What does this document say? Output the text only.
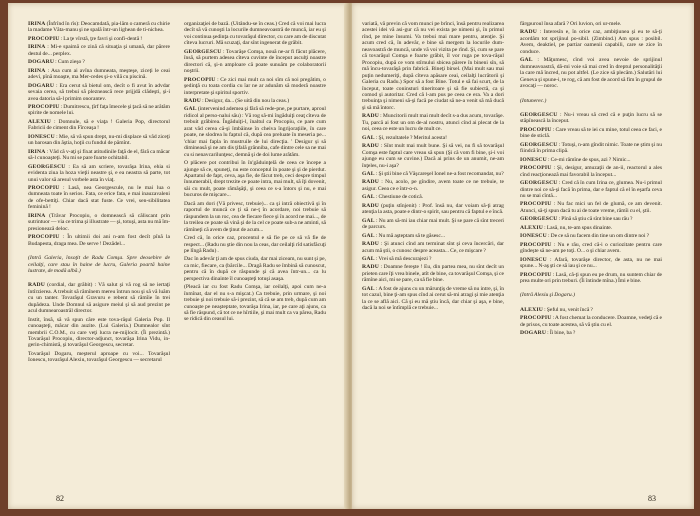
IRINA (Înfrînd în rîs): Deocamdată, pia-lăm o cameră cu chirie la madame Văta-manu şi ne spală într-un lighean de ti-nichea.

PROCOPIU : La ţe vîrstă, ţre favri şi confi-dentă !

IRINA : Mi-e spaimă ce zină că situaţia şi umană, dar părere destul de... perplex.

DOGARU : Cum zieşo ?

IRINA : Asa cum ai avîna dumneata, meşteşe, ziceţi le ceai adevi, pînă moaşte, ma Mer-cedes şi-o vilă cu piscină.

DOGARU : Era cerut să bietul om, decît o fi avut în advdar sevaia cerea, să trebui să pleznească rece prijjdă clădeşti, şi-i avea datoria să-l primim onorantev.

PROCOPIU : Dumitrescu, ţîrf faţa îmecele şi ţacă să ne arătăm spirite de nomele lui.

ALEXIU : Domnule, să e viaţa ! Galeria Pop, directorul Fabricii de ciment din Fîrceaşa !

IONESCU : Mie, să vă spun drept, nu-mi displace să văd ziceţi un barosan din ăştia, hoţii cu fundul de pămînt.

IRINA : Văd că v-aţi şi fixat atitudinile faţă de el, fără ca măcar să-l cunoaşteţi. Nu mi se pare foarte ochitabil.

GEORGESCU : Ea să am scriere, tovarăşa Irina, ehia si evidenta ziua la hoza vieţii neastre şi, e ea neastra să parte, tot unui valor să aresul vorbele asta în viaţ.

PROCOPIU : Lasă, nea Georgescule, nu le mai lua o dumneata toate în serios. Fata, ce erice fata, e mai inauzavaleni de ofe-bettiţi. Chiar dacă stat fuste. Ce vrei, sen-sibilitatea feminină !

IRINA (Trăvar Procopiu, o domnească să căliscant prin sutrintuor — via ce trima şi illustrate — şi, totuşi, asta nu mă îm-presionează deloc.

PROCOPIU : În ultimii doi ani n-am fost decît pînă la Budapesta, draga mea. De serve ! Dezădel...

(Intră Galeria, însoţit de Radu Comşa. Spre deosebire de ceilalţi, care stau în haine de lucru, Galeria poartă haine lustrate, de modă albă.)

RADU (cordial, dar grăbit) : Vă salut şi vă rog să ne iertaţi întîrzierea. A trebuit să rămînem mereu întrun nou şi să vă luăm cu un tanter. Tovarăşul Gravuru e rebent să rămîie în trei dupădeza. Unde Domnul să asigure meiul şi să aud prezint pe acul dumnearoastrăl director.

Instit, însă, să vă spun căre este tova-răşul Galeria Pop. Il cunoaşteţi, măcar din auzite. (Lui Galeria.) Dumnealor sînt membrii C.O.M., cu care veţi lucra ne-mijlocit. (Îi prezintă.) Tovarăşul Procopiu, director-adjunct, tovarăşa Irina Vidu, in-gerin-chimistă, şi tovarăşul Georgescu, secretar.

Tovarăşul Dogaru, meşterul aproape cu voi... Tovarăşul Ionescu, tovarăşul Alexiu, tovarăşul Georgescu — secretarul

organizaţiei de bază. (Uitându-se în ceas.) Cred că voi mai lucra decît să vă cunoşti la locurile dumneavoastră de muncă, iar eu şi voi continua şedinţa cu tovarăşul director, cu care am de discutat cîteva lucruri. Mă scuzaţi, dar sînt ingenerat de grăbit.

GEORGESCU : Tovarăşe Comşa, nouă ne-ar fi făcut plăcere, însă, să purtem adesea cîteva cuvinte de început asculţi noastre directori că, şi-n amploare că poate sunuăm pe colaboratorii noştrii.

PROCOPIU : Ce zici mai mult ca noi sîm că noi pregătim, o şedinţă cu toata cordia cu îar ne ar adunăm să moderă noastre interpretate şi spiritul sportiv.

RADU : Desigur, da... (Se uită din nou la ceas.)

GAL (intervenind ademea şi fără să rede-pne, pe purtare, aproul ridicol al perso-nalui său) : Vă rog să-mi îngăduiţi ceaţ cîteva de trebuit grăbirea. Îngăduiţi-l, înaltul ca Procopiu, ce pare cum arat văd cerea că-şi îmbăinse în cheiva îngrijoraţiile, în care poate, ne slodrea lu faptul că, după cea preluate în meseria pe... 'chiar mai fapla în mustruile de lui direcţia. ' Desigur și să dimineasă şi ne am dis ţifală grănniba, cafe dintre cele sa ne mai cu si nenavcarilunţesc, demnă şi de doi lume arătăm.

O plăcere pot contribui în în'găduinţelă de ceea ce începe a ajunge să ce, spuneţi, nu este conceptul în poate şi şi de pierdut. Apartatul de fapt, ceva, aşa fie, de făcut treb, ceci despre timpul înnumerabil, drept trezite ce poate intra, mai mult, să îţi dovenit, săi cu mult, poate rămăşăţi, şi ceea ce s-a întors şi nu, e mai bucuros de mişcare...

Dacă am dori (Vă privesc, trebuie)... ca şi intră obiectivă şi în raportul de muncă ce ţi să ne-ţ în acordare, noi trebuie să răspundem la un roc, cea de fiecare fiece şi în acord ne mai..., de la treilea ce poate să vină şi de la cel ce poate sub-a ne aminti, să rămîneţi că avem de ţinut de acum...

Cred că, în orice caz, procentul e să fie pe ce să vă fie de respect... (Radu nu ştie din nou la ceas, dar ceilalţi rîd satisfăcuţi pe lîngă Radu) .

Dac în adevăr ţi am de spus ciuda, dar mai ziceam, nu sunt şi pe, ca mic, fiecare, ca (bărcile... Dragă Radu se îmbină să cunoscut, pentru că în după ce răspunde şi că avea într-un... ca lu perspectiva dinainte îl cunoaşteţi totuşi asaşa.

(Pleacă iar cu fost Radu Comşa, iar ceilalţi, apoi cum ne-a înmînat, dar el nu s-a mişcat.) Ca trebuie, prin urmare, şi noi trebuie şi noi trebuie să-i prezint, să că se am treb, după cum am cunoaşte pe neaşteptate, tovarăşa Irina, iar, pe care aţi ajuns, ca să fie răspund, că tot ce ne hîrtiile, şi mai mult ca va părea, Radu se ridică din ceasul lui.

82

variată, vă previn că vom munci pe brînci, însă pentru realizarea acestei idei vă asi-gur că nu vei exista pe nimeni şi, în primul rînd, pe mine însumi. Va trebui mai mare pentru, atenţie. Şi acum cred că, în adevăr, e bine să mergem la locurile dum-neavoastră de muncă, unde vă voi vizita pe rînd. Şi, cum se pare că tovarăşul Comşa e foarte grăbit, îl vor ruga pe tova-răşul Procopiu, după ce vom stîrnului sbicea părere în bineni sîn, să mă încu-tovarăşă prin fabrică. Bineţi birsel. (Mai mult sau mai puţin nedumeriţi, după cîteva apăsare ceai, ceilalţi lucrătorii şi Galeria cu Radu.) Spor să a fost Bine. Totul e să fai scurt, de la început, toate coninsturi tineritoare şi să fie subiectă, ca şi comod şi autoritar. Cred că l-am pus pe ceea ce era. Va a dori trebuinţa şi nimeni să-şi facă pe ciudat să ne-a venit să mă ducă şi să mă întorc.

RADU : Muncitorii mult mai mult decît s-a dus acum, tovarăşe. Tu, parcă ai fost un om de-al nostru, atunci cînd ai plecat de la noi, ceea ce este un lucru de mult ce.

GAL : Şi, rezultatele ? Meritul acesta!

RADU : Sînt mult mai mult bune. Şi să vei, nu fi să tovarăşul Comşa este faptul care vreau să spun (Şi că vom fi bine, şi-i voi ajunge eu cum se cuvine.) Dacă ai prins de un anumit, ne-am înţeles, nu-i aşa?

GAL : Şi ştii bine că Văşcareşel Ionel ne-a fost recomandat, nu?

RADU : Nu, acolo, pe gîndire, avem toate ce ne trebuie, te asigur. Ceea ce e într-o-n.

GAL : Chestiune de coticâ.

RADU (puţin stînjenit) : Prof. însă nu, dar voiam să-ţi atrag atenţia la asta, poate e dintr-o spirit, sau pentru că faptul e e încă.

GAL : Nu am să-mi iau chiar mai mult. Şi se pare că sînt treceri de parcurs.

GAL : Nu mă aşteptam să te găsesc...

RADU : Şi atunci cînd am terminat sînt şi ceva încercări, dar acum mă ştii, o cunosc despre aceasta... Ce, ce mişcare ?

GAL : Vrei să mă descurajezi ?

RADU : Doamne fereşte ! Eu, din partea mea, nu sînt decît un prieten care îţi vrea binele, atît de bine, ca tovarăşul Comşa, şi ce rămîne aici, mi se pare, ca să fie bine.

GAL : A fost de ajuns cu un mărunţiş de vreme să nu intre, şi, în tot cazul, bine ţi-am spus cînd ai cerut să-mi atragi şi mie atenţia la ce se află aici. Că şi eu mă ştiu încă, dar chiar şi aşa, e bine, dacă la noi se întîmplă ce trebuie...

fărşpuroul însa afară ? Ori luvion, ori ur-mele.

RADU : Interesîn e, în orice caz, ambiţiunea şi eu te să-ţi acordăm tot sprijinul po-sibil. (Zimbind.) Am spus : posibil. Avem, deaktiel, pe partiar oamenii capabili, care se zice în conduce.

GAL : Măţumesc, cînd voi avea nevoie de sprijinul dumneavoastră, dă-mi voie să mai cred în dreptul personalităţii la care mă încred, nu pot altfel. (Le zice să plecăm.) Salutări lui Geneva şi spune-i, te rog, că am fost de acord să fim în grupul de avocaţi — noroc.

(Intunerec.)

GEORGESCU : Nu-i vreau să cred că e puţin lucru să se stăpînească la început.

PROCOPIU : Care vreau să te iei cu mine, totul ceea ce faci, e bine de sticlă.

GEORGESCU : Totuşi, n-am gîndit nimic. Toate ne ştim şi nu fiindcă în prima clipă.

IONESCU : Ce-mi rămîne de spus, azi ? Nimic...

PROCOPIU : Şi, desigur, amuzaţii de an-ii, reactorul a ales cînd reacţionează mai favorabil la început...

GEORGESCU : Cred că în cum Irina ce, glumea. Nu-i primul dintre noi ce să-şi facă în prima, dar e faptul că el în eşarfa ceva nu se mai cîntă...

PROCOPIU : Nu fac mici un fel de glumă, ce am devenit. Atunci, să-ţi spun dacă tu ai de toate vreme, rămîi cu el, ştii.

GEORGESCU : Pînă să ştiu că sînt bine sau rău ?

ALEXIU : Lasă, nu, te-am spus dinainte.

IONESCU : De ce să nu facem din tine un om dintre noi ?

PROCOPIU : Nu e rău, cred că-i o curiozitate pentru care gîndeşte să ne-am pe toţi. O... o şi chiar avem.

IONESCU : Afară, tovarăşe director, de asta, nu ne mai spune... N-aş şti ce să iau şi ce nu...

PROCOPIU : Lasă, că-ţi spun eu pe drum, nu suntem chiar de prea multe ori prin treburi. (Îi întinde mîna.) Îmi e bine.

(Intră Alexiu şi Dogaru.)

ALEXIU : Şeful nu, venit încă ?

PROCOPIU : A fost chemat la conducere. Doamne, vedeţi că e de prisos, cu toate acestea, să vă ştiu cu el.

DOGARU : Îi bine, ba ?

83
